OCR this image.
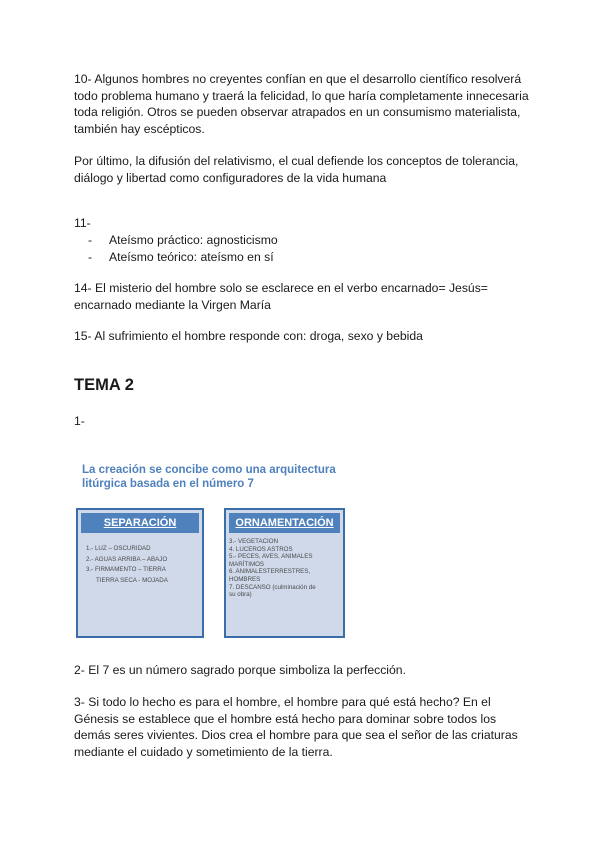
10- Algunos hombres no creyentes confían en que el desarrollo científico resolverá
todo problema humano y traerá la felicidad, lo que haría completamente innecesaria
toda religión. Otros se pueden observar atrapados en un consumismo materialista,
también hay escépticos.

Por último, la difusión del relativismo, el cual defiende los conceptos de tolerancia,
diálogo y libertad como configuradores de la vida humana

11-

- Ateísmo práctico: agnosticismo
- Ateísmo teórico: ateísmo en sí

14- El misterio del hombre solo se esclarece en el verbo encarnado= Jesús=
encarnado mediante la Virgen María

15- Al sufrimiento el hombre responde con: droga, sexo y bebida

TEMA 2

1-

La creación se concibe como una arquitectura
litúrgica basada en el número 7
SEPARACIÓN
1.- LUZ – OSCURIDAD
2.- AGUAS ARRIBA – ABAJO
3.- FIRMAMENTO – TIERRA
TIERRA SECA - MOJADA
ORNAMENTACIÓN
3.- VEGETACION
4. LUCEROS ASTROS
5.- PECES, AVES, ANIMALES
MARÍTIMOS
6. ANIMALESTERRESTRES,
HOMBRES
7. DESCANSO (culminación de
su obra)

2- El 7 es un número sagrado porque simboliza la perfección.

3- Si todo lo hecho es para el hombre, el hombre para qué está hecho? En el
Génesis se establece que el hombre está hecho para dominar sobre todos los
demás seres vivientes. Dios crea el hombre para que sea el señor de las criaturas
mediante el cuidado y sometimiento de la tierra.
